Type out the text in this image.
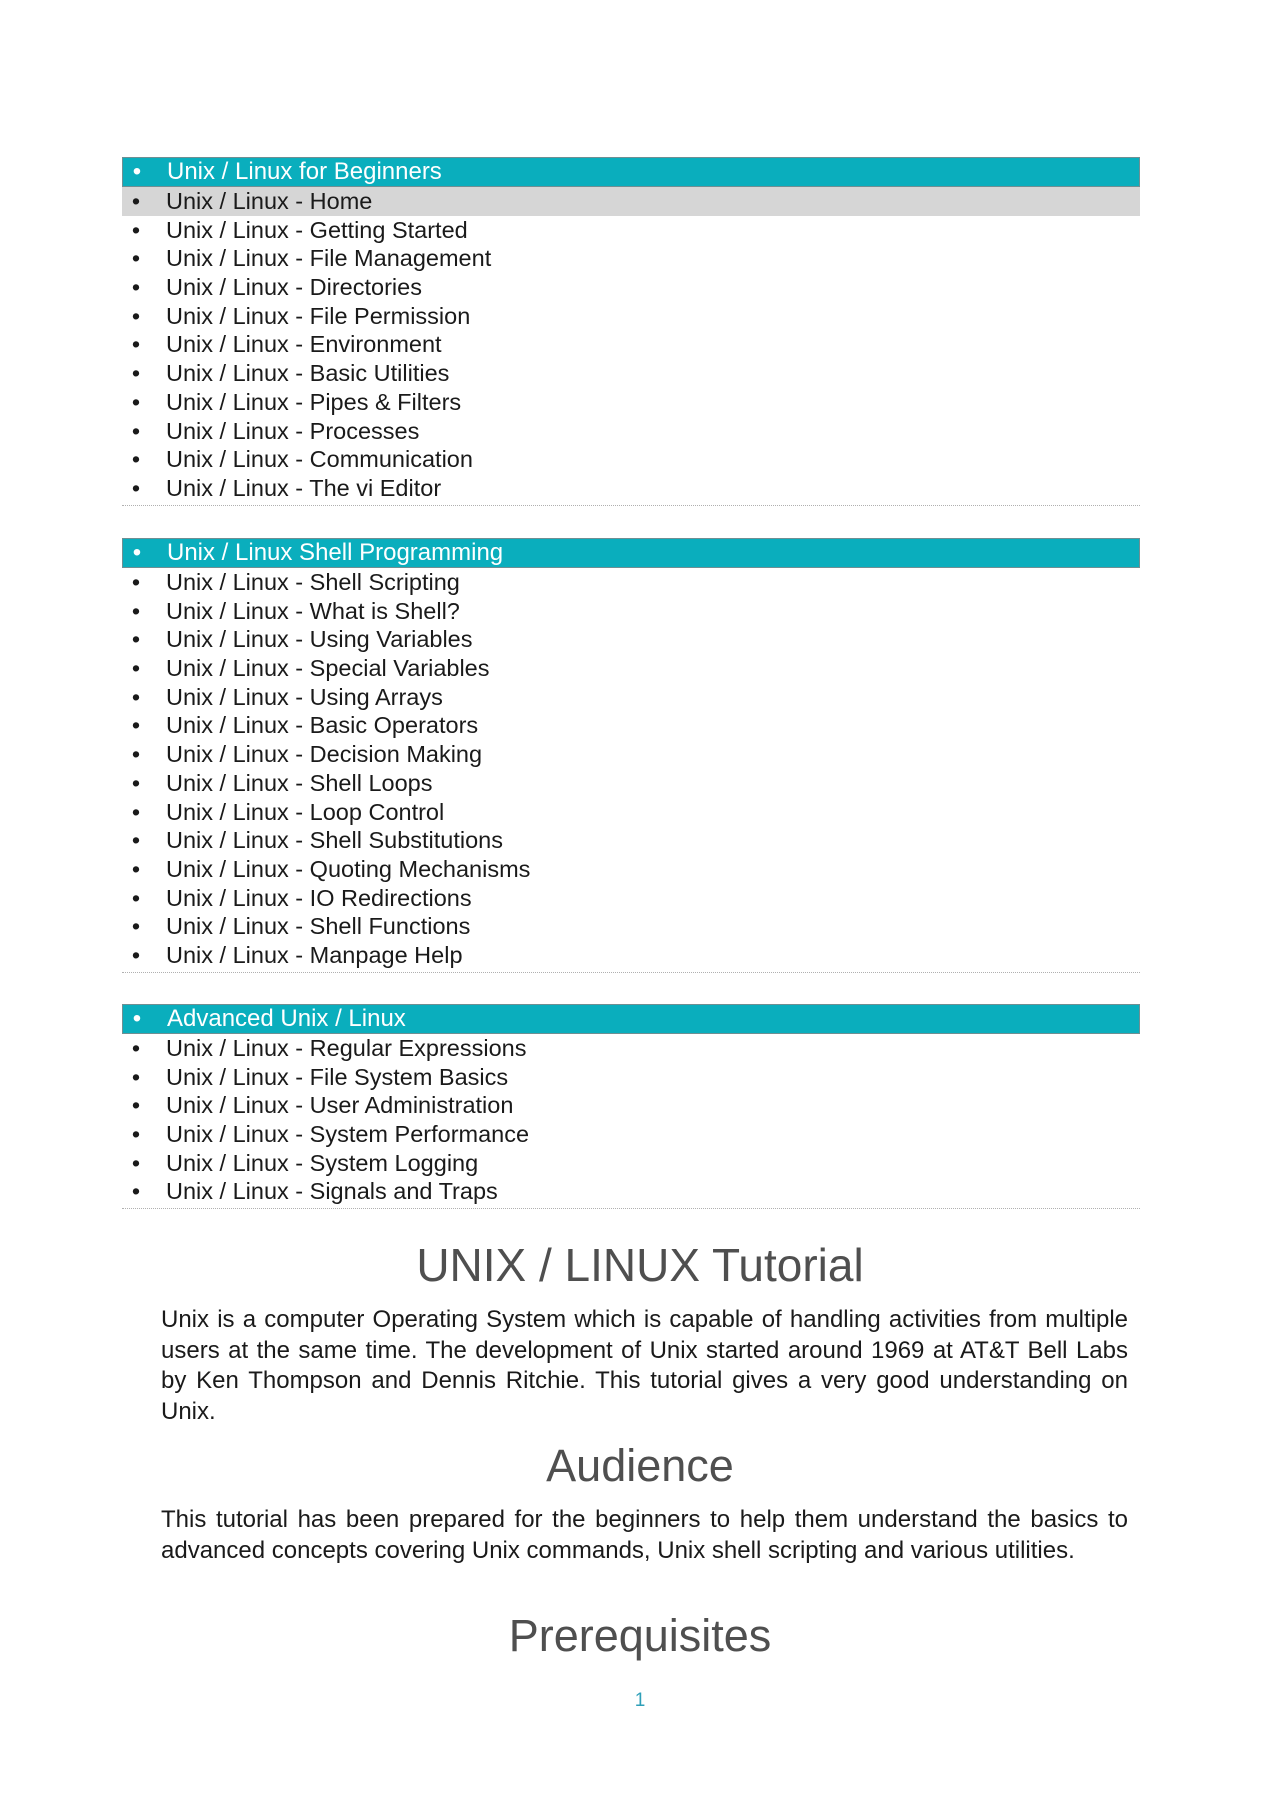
• Unix / Linux for Beginners
• Unix / Linux - Home
• Unix / Linux - Getting Started
• Unix / Linux - File Management
• Unix / Linux - Directories
• Unix / Linux - File Permission
• Unix / Linux - Environment
• Unix / Linux - Basic Utilities
• Unix / Linux - Pipes & Filters
• Unix / Linux - Processes
• Unix / Linux - Communication
• Unix / Linux - The vi Editor
• Unix / Linux Shell Programming
• Unix / Linux - Shell Scripting
• Unix / Linux - What is Shell?
• Unix / Linux - Using Variables
• Unix / Linux - Special Variables
• Unix / Linux - Using Arrays
• Unix / Linux - Basic Operators
• Unix / Linux - Decision Making
• Unix / Linux - Shell Loops
• Unix / Linux - Loop Control
• Unix / Linux - Shell Substitutions
• Unix / Linux - Quoting Mechanisms
• Unix / Linux - IO Redirections
• Unix / Linux - Shell Functions
• Unix / Linux - Manpage Help
• Advanced Unix / Linux
• Unix / Linux - Regular Expressions
• Unix / Linux - File System Basics
• Unix / Linux - User Administration
• Unix / Linux - System Performance
• Unix / Linux - System Logging
• Unix / Linux - Signals and Traps
UNIX / LINUX Tutorial

Unix is a computer Operating System which is capable of handling activities from multiple users at the same time. The development of Unix started around 1969 at AT&T Bell Labs by Ken Thompson and Dennis Ritchie. This tutorial gives a very good understanding on Unix.

Audience

This tutorial has been prepared for the beginners to help them understand the basics to advanced concepts covering Unix commands, Unix shell scripting and various utilities.

Prerequisites
1
